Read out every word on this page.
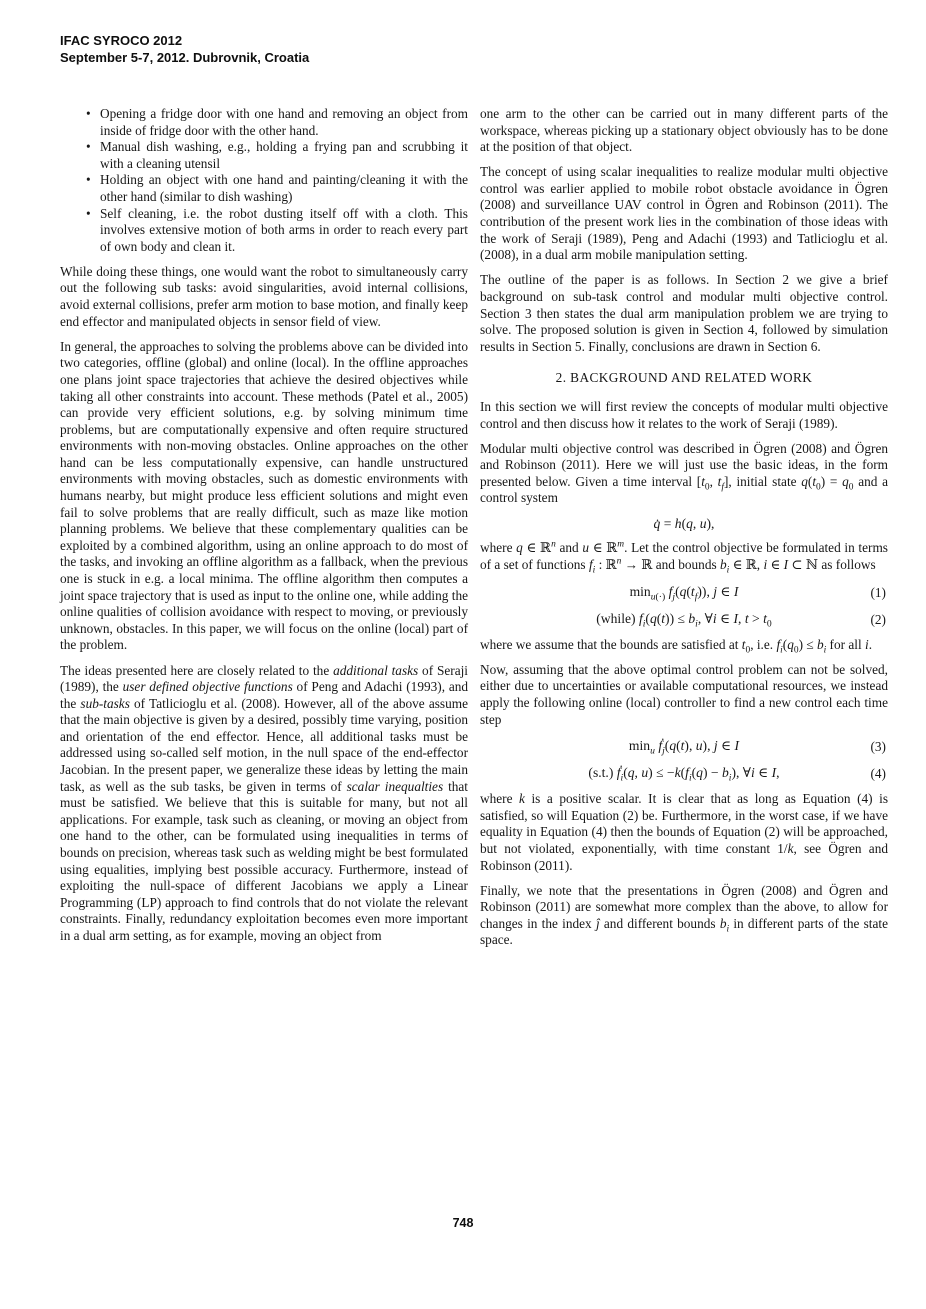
IFAC SYROCO 2012
September 5-7, 2012. Dubrovnik, Croatia
• Opening a fridge door with one hand and removing an object from inside of fridge door with the other hand.
• Manual dish washing, e.g., holding a frying pan and scrubbing it with a cleaning utensil
• Holding an object with one hand and painting/cleaning it with the other hand (similar to dish washing)
• Self cleaning, i.e. the robot dusting itself off with a cloth. This involves extensive motion of both arms in order to reach every part of own body and clean it.

While doing these things, one would want the robot to simultaneously carry out the following sub tasks: avoid singularities, avoid internal collisions, avoid external collisions, prefer arm motion to base motion, and finally keep end effector and manipulated objects in sensor field of view.

In general, the approaches to solving the problems above can be divided into two categories, offline (global) and online (local). In the offline approaches one plans joint space trajectories that achieve the desired objectives while taking all other constraints into account. These methods (Patel et al., 2005) can provide very efficient solutions, e.g. by solving minimum time problems, but are computationally expensive and often require structured environments with non-moving obstacles. Online approaches on the other hand can be less computationally expensive, can handle unstructured environments with moving obstacles, such as domestic environments with humans nearby, but might produce less efficient solutions and might even fail to solve problems that are really difficult, such as maze like motion planning problems. We believe that these complementary qualities can be exploited by a combined algorithm, using an online approach to do most of the tasks, and invoking an offline algorithm as a fallback, when the previous one is stuck in e.g. a local minima. The offline algorithm then computes a joint space trajectory that is used as input to the online one, while adding the online qualities of collision avoidance with respect to moving, or previously unknown, obstacles. In this paper, we will focus on the online (local) part of the problem.

The ideas presented here are closely related to the additional tasks of Seraji (1989), the user defined objective functions of Peng and Adachi (1993), and the sub-tasks of Tatlicioglu et al. (2008). However, all of the above assume that the main objective is given by a desired, possibly time varying, position and orientation of the end effector. Hence, all additional tasks must be addressed using so-called self motion, in the null space of the end-effector Jacobian. In the present paper, we generalize these ideas by letting the main task, as well as the sub tasks, be given in terms of scalar inequalties that must be satisfied. We believe that this is suitable for many, but not all applications. For example, task such as cleaning, or moving an object from one hand to the other, can be formulated using inequalities in terms of bounds on precision, whereas task such as welding might be best formulated using equalities, implying best possible accuracy. Furthermore, instead of exploiting the null-space of different Jacobians we apply a Linear Programming (LP) approach to find controls that do not violate the relevant constraints. Finally, redundancy exploitation becomes even more important in a dual arm setting, as for example, moving an object from

one arm to the other can be carried out in many different parts of the workspace, whereas picking up a stationary object obviously has to be done at the position of that object.

The concept of using scalar inequalities to realize modular multi objective control was earlier applied to mobile robot obstacle avoidance in Ögren (2008) and surveillance UAV control in Ögren and Robinson (2011). The contribution of the present work lies in the combination of those ideas with the work of Seraji (1989), Peng and Adachi (1993) and Tatlicioglu et al. (2008), in a dual arm mobile manipulation setting.

The outline of the paper is as follows. In Section 2 we give a brief background on sub-task control and modular multi objective control. Section 3 then states the dual arm manipulation problem we are trying to solve. The proposed solution is given in Section 4, followed by simulation results in Section 5. Finally, conclusions are drawn in Section 6.

2. BACKGROUND AND RELATED WORK

In this section we will first review the concepts of modular multi objective control and then discuss how it relates to the work of Seraji (1989).

Modular multi objective control was described in Ögren (2008) and Ögren and Robinson (2011). Here we will just use the basic ideas, in the form presented below. Given a time interval [$t_0$, $t_f$], initial state $q(t_0) = q_0$ and a control system

q̇ = h(q, u),

where q ∈ ℝ$^n$ and u ∈ ℝ$^m$. Let the control objective be formulated in terms of a set of functions $f_i$ : ℝ$^n$ → ℝ and bounds $b_i$ ∈ ℝ, i ∈ I ⊂ ℕ as follows

$\min_{u(\cdot)} f_j(q(t_f))$, j ∈ I	(1)
(while) $f_i(q(t)) \le b_i$, ∀i ∈ I, $t > t_0$	(2)

where we assume that the bounds are satisfied at $t_0$, i.e. $f_i(q_0) \le b_i$ for all i.

Now, assuming that the above optimal control problem can not be solved, either due to uncertainties or available computational resources, we instead apply the following online (local) controller to find a new control each time step

$\min_u$ ḟ$_j$(q(t), u), j ∈ I	(3)
(s.t.) ḟ$_i$(q, $u) \le -k(f_i(q) - b_i)$, ∀i ∈ I,	(4)

where k is a positive scalar. It is clear that as long as Equation (4) is satisfied, so will Equation (2) be. Furthermore, in the worst case, if we have equality in Equation (4) then the bounds of Equation (2) will be approached, but not violated, exponentially, with time constant 1/k, see Ögren and Robinson (2011).

Finally, we note that the presentations in Ögren (2008) and Ögren and Robinson (2011) are somewhat more complex than the above, to allow for changes in the index ĵ and different bounds $b_i$ in different parts of the state space.

748
